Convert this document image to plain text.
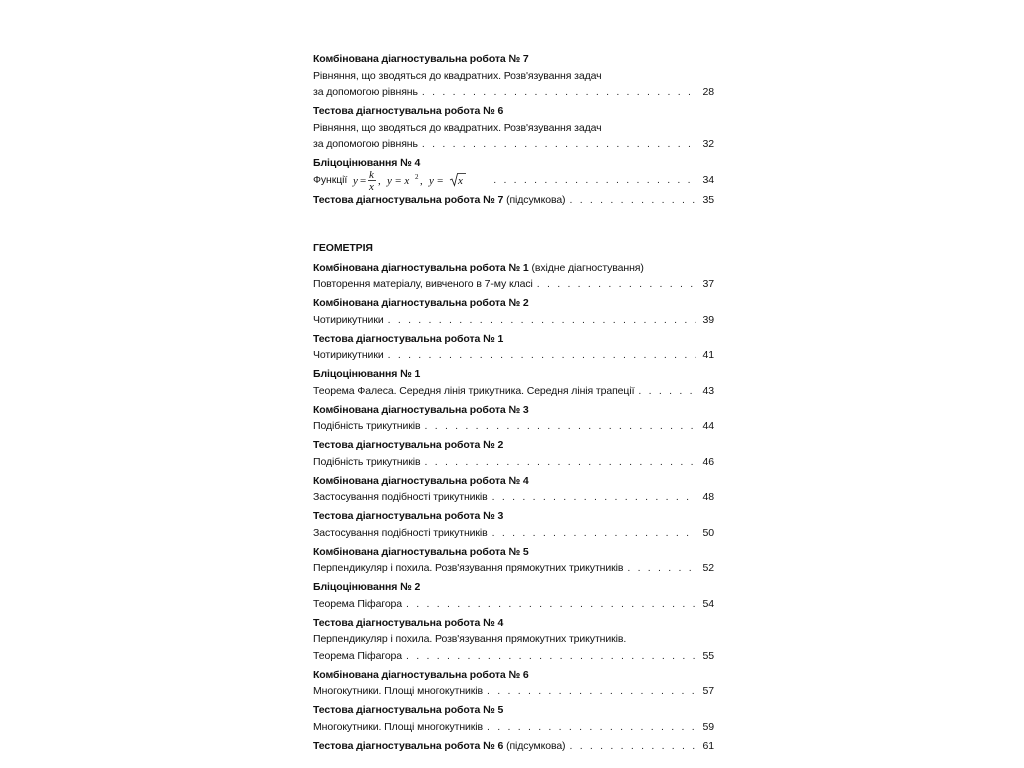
Комбінована діагностувальна робота № 7
Рівняння, що зводяться до квадратних. Розв'язування задач
за допомогою рівнянь . . .	28
Тестова діагностувальна робота № 6
Рівняння, що зводяться до квадратних. Розв'язування задач
за допомогою рівнянь . . .	32
Бліцоцінювання № 4
Функції y = k
x , y = x 2 , y = x . . .	34
Тестова діагностувальна робота № 7 (підсумкова) . . .	35
ГЕОМЕТРІЯ
Комбінована діагностувальна робота № 1 (вхідне діагностування)
Повторення матеріалу, вивченого в 7-му класі . . .	37
Комбінована діагностувальна робота № 2
Чотирикутники . . .	39
Тестова діагностувальна робота № 1
Чотирикутники . . .	41
Бліцоцінювання № 1
Теорема Фалеса. Середня лінія трикутника. Середня лінія трапеції . . .	43
Комбінована діагностувальна робота № 3
Подібність трикутників . . .	44
Тестова діагностувальна робота № 2
Подібність трикутників . . .	46
Комбінована діагностувальна робота № 4
Застосування подібності трикутників . . .	48
Тестова діагностувальна робота № 3
Застосування подібності трикутників . . .	50
Комбінована діагностувальна робота № 5
Перпендикуляр і похила. Розв'язування прямокутних трикутників . . .	52
Бліцоцінювання № 2
Теорема Піфагора . . .	54
Тестова діагностувальна робота № 4
Перпендикуляр і похила. Розв'язування прямокутних трикутників.
Теорема Піфагора . . .	55
Комбінована діагностувальна робота № 6
Многокутники. Площі многокутників . . .	57
Тестова діагностувальна робота № 5
Многокутники. Площі многокутників . . .	59
Тестова діагностувальна робота № 6 (підсумкова) . . .	61
